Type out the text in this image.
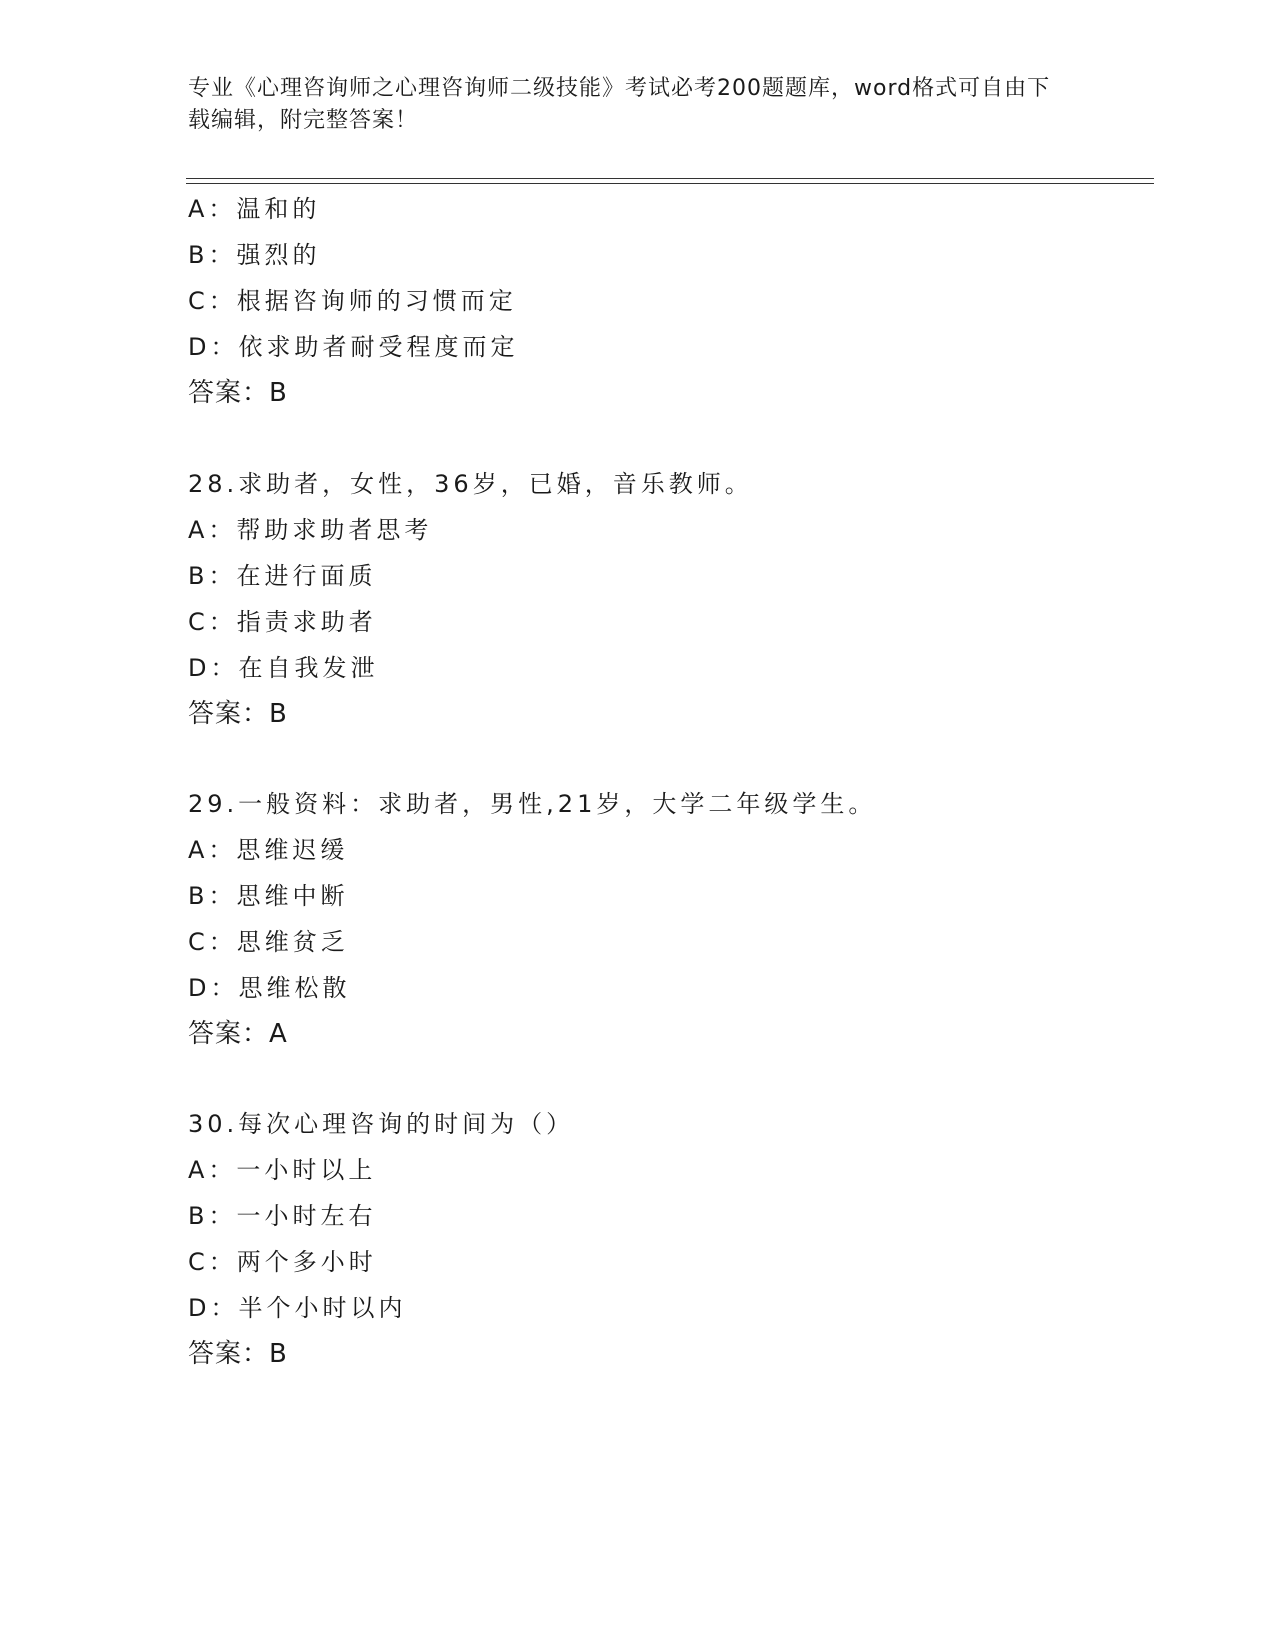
专业《心理咨询师之心理咨询师二级技能》考试必考200题题库，word格式可自由下载编辑，附完整答案！
A：温和的
B：强烈的
C：根据咨询师的习惯而定
D：依求助者耐受程度而定
答案：B
28.求助者，女性，36岁，已婚，音乐教师。
A：帮助求助者思考
B：在进行面质
C：指责求助者
D：在自我发泄
答案：B
29.一般资料：求助者，男性,21岁，大学二年级学生。
A：思维迟缓
B：思维中断
C：思维贫乏
D：思维松散
答案：A
30.每次心理咨询的时间为（）
A：一小时以上
B：一小时左右
C：两个多小时
D：半个小时以内
答案：B
